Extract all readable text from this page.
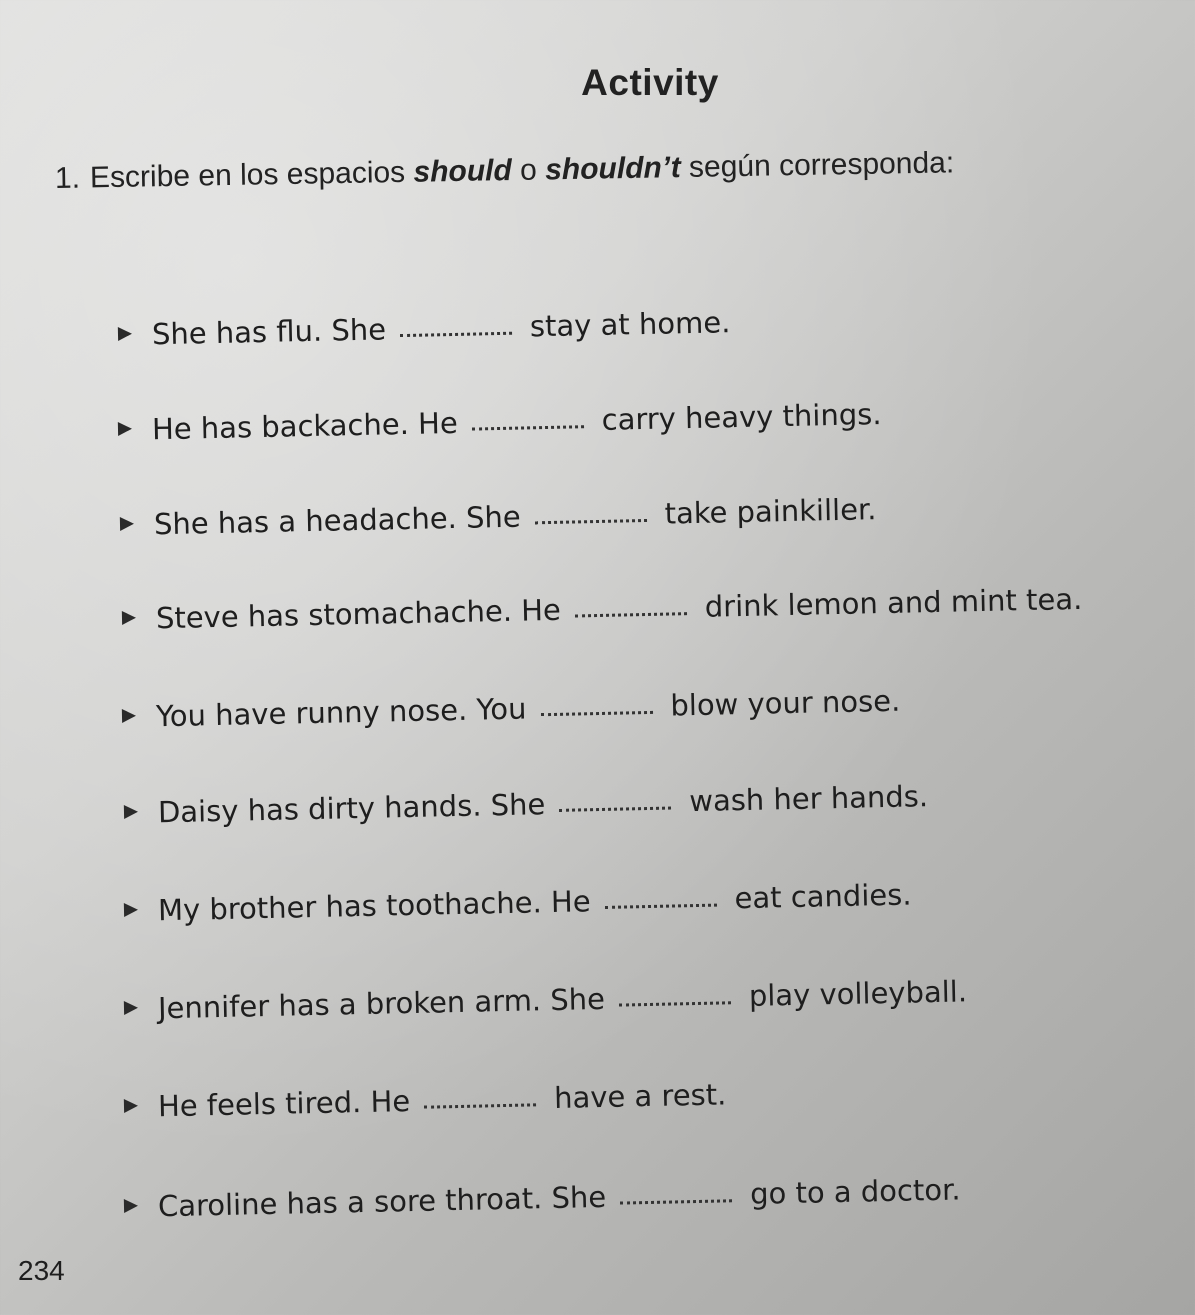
Activity
1. Escribe en los espacios should o shouldn’t según corresponda:
She has flu. She	stay at home.
He has backache. He	carry heavy things.
She has a headache. She	take painkiller.
Steve has stomachache. He	drink lemon and mint tea.
You have runny nose. You	blow your nose.
Daisy has dirty hands. She	wash her hands.
My brother has toothache. He	eat candies.
Jennifer has a broken arm. She	play volleyball.
He feels tired. He	have a rest.
Caroline has a sore throat. She	go to a doctor.
234
